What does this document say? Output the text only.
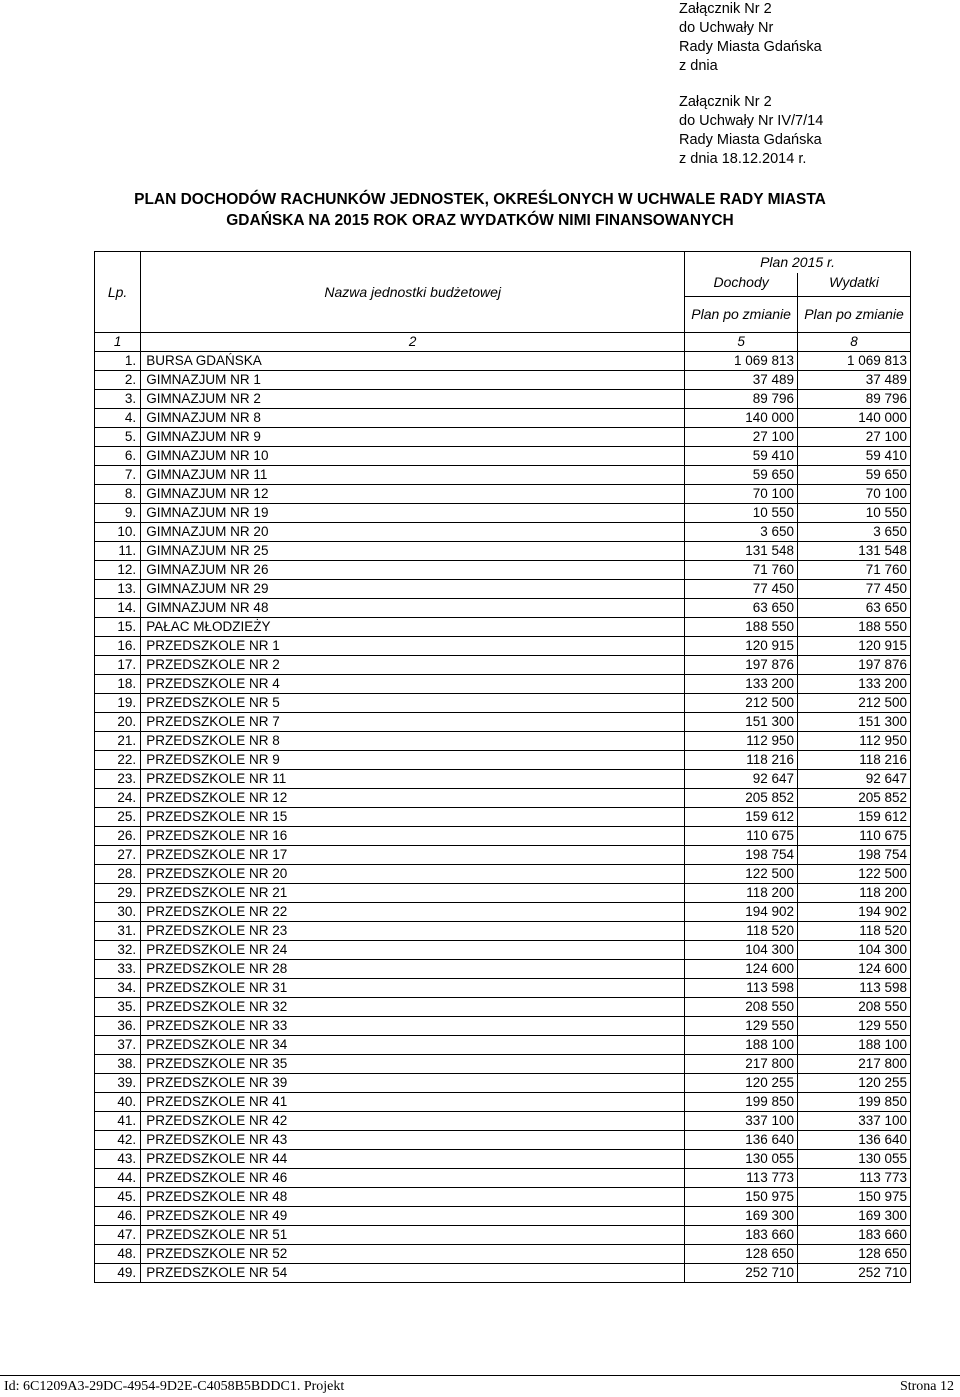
Załącznik Nr 2
do Uchwały Nr
Rady Miasta Gdańska
z dnia
Załącznik Nr 2
do Uchwały Nr IV/7/14
Rady Miasta Gdańska
z dnia 18.12.2014 r.
PLAN DOCHODÓW RACHUNKÓW JEDNOSTEK, OKREŚLONYCH W UCHWALE RADY MIASTA
GDAŃSKA NA 2015 ROK ORAZ WYDATKÓW NIMI FINANSOWANYCH
Lp.	Nazwa jednostki budżetowej	Plan 2015 r.	
		Dochody	Wydatki
		Plan po zmianie	Plan po zmianie
1	2	5	8
1.	BURSA GDAŃSKA	1 069 813	1 069 813
2.	GIMNAZJUM NR 1	37 489	37 489
3.	GIMNAZJUM NR 2	89 796	89 796
4.	GIMNAZJUM NR 8	140 000	140 000
5.	GIMNAZJUM NR 9	27 100	27 100
6.	GIMNAZJUM NR 10	59 410	59 410
7.	GIMNAZJUM NR 11	59 650	59 650
8.	GIMNAZJUM NR 12	70 100	70 100
9.	GIMNAZJUM NR 19	10 550	10 550
10.	GIMNAZJUM NR 20	3 650	3 650
11.	GIMNAZJUM NR 25	131 548	131 548
12.	GIMNAZJUM NR 26	71 760	71 760
13.	GIMNAZJUM NR 29	77 450	77 450
14.	GIMNAZJUM NR 48	63 650	63 650
15.	PAŁAC MŁODZIEŻY	188 550	188 550
16.	PRZEDSZKOLE NR 1	120 915	120 915
17.	PRZEDSZKOLE NR 2	197 876	197 876
18.	PRZEDSZKOLE NR 4	133 200	133 200
19.	PRZEDSZKOLE NR 5	212 500	212 500
20.	PRZEDSZKOLE NR 7	151 300	151 300
21.	PRZEDSZKOLE NR 8	112 950	112 950
22.	PRZEDSZKOLE NR 9	118 216	118 216
23.	PRZEDSZKOLE NR 11	92 647	92 647
24.	PRZEDSZKOLE NR 12	205 852	205 852
25.	PRZEDSZKOLE NR 15	159 612	159 612
26.	PRZEDSZKOLE NR 16	110 675	110 675
27.	PRZEDSZKOLE NR 17	198 754	198 754
28.	PRZEDSZKOLE NR 20	122 500	122 500
29.	PRZEDSZKOLE NR 21	118 200	118 200
30.	PRZEDSZKOLE NR 22	194 902	194 902
31.	PRZEDSZKOLE NR 23	118 520	118 520
32.	PRZEDSZKOLE NR 24	104 300	104 300
33.	PRZEDSZKOLE NR 28	124 600	124 600
34.	PRZEDSZKOLE NR 31	113 598	113 598
35.	PRZEDSZKOLE NR 32	208 550	208 550
36.	PRZEDSZKOLE NR 33	129 550	129 550
37.	PRZEDSZKOLE NR 34	188 100	188 100
38.	PRZEDSZKOLE NR 35	217 800	217 800
39.	PRZEDSZKOLE NR 39	120 255	120 255
40.	PRZEDSZKOLE NR 41	199 850	199 850
41.	PRZEDSZKOLE NR 42	337 100	337 100
42.	PRZEDSZKOLE NR 43	136 640	136 640
43.	PRZEDSZKOLE NR 44	130 055	130 055
44.	PRZEDSZKOLE NR 46	113 773	113 773
45.	PRZEDSZKOLE NR 48	150 975	150 975
46.	PRZEDSZKOLE NR 49	169 300	169 300
47.	PRZEDSZKOLE NR 51	183 660	183 660
48.	PRZEDSZKOLE NR 52	128 650	128 650
49.	PRZEDSZKOLE NR 54	252 710	252 710
Id: 6C1209A3-29DC-4954-9D2E-C4058B5BDDC1. Projekt	Strona 12
